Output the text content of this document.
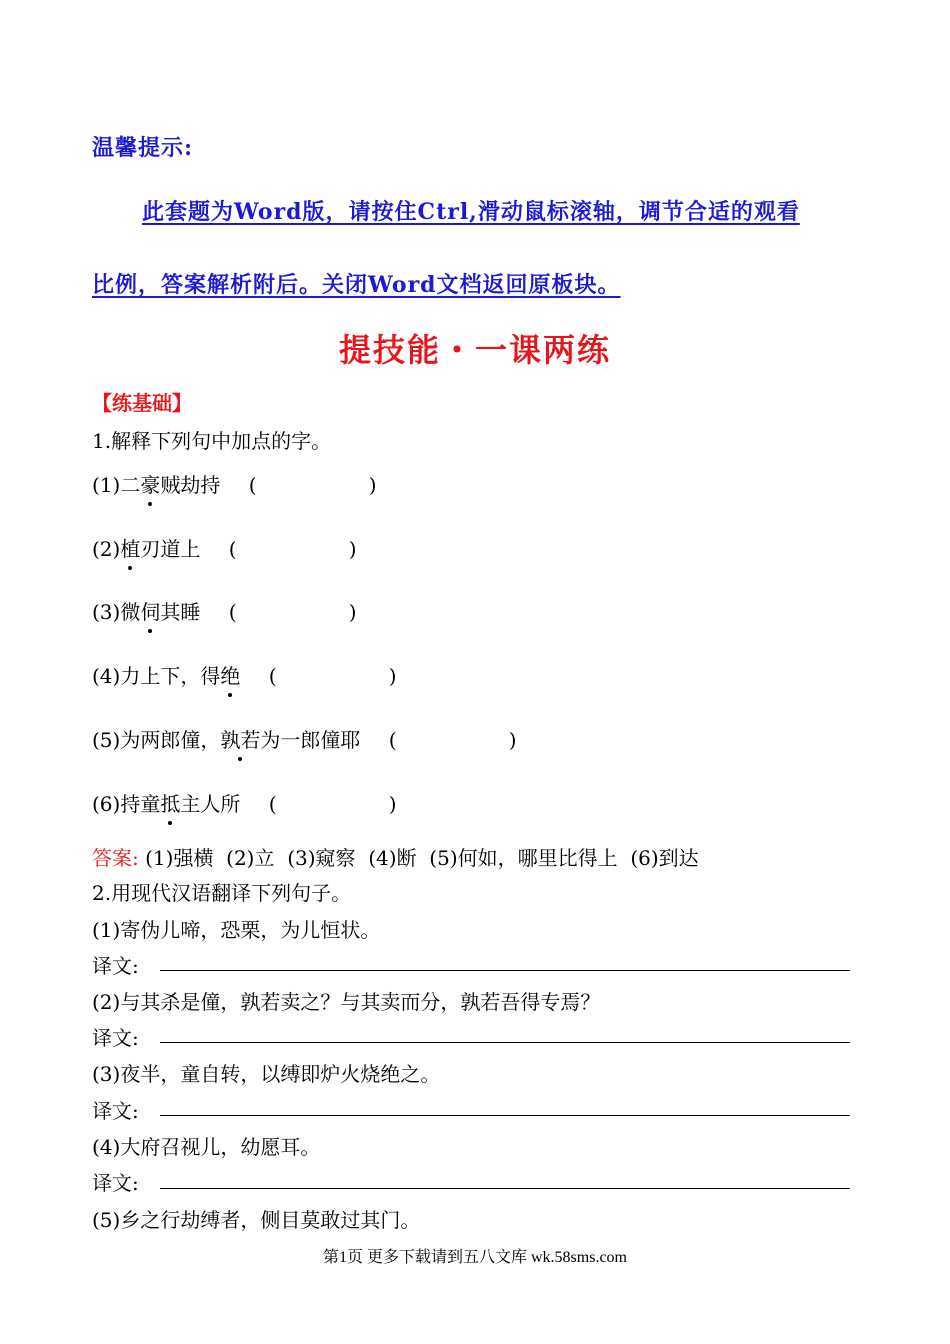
温馨提示:
此套题为Word版，请按住Ctrl,滑动鼠标滚轴，调节合适的观看
比例，答案解析附后。关闭Word文档返回原板块。
提技能・一课两练
【练基础】
1.解释下列句中加点的字。
(1)二豪贼劫持 (	)
(2)植刃道上 (	)
(3)微伺其睡 (	)
(4)力上下，得绝 (	)
(5)为两郎僮，孰若为一郎僮耶 (	)
(6)持童抵主人所 (	)
答案: (1)强横  (2)立  (3)窥察  (4)断  (5)何如，哪里比得上  (6)到达
2.用现代汉语翻译下列句子。
(1)寄伪儿啼，恐栗，为儿恒状。
译文:
(2)与其杀是僮，孰若卖之？与其卖而分，孰若吾得专焉？
译文:
(3)夜半，童自转，以缚即炉火烧绝之。
译文:
(4)大府召视儿，幼愿耳。
译文:
(5)乡之行劫缚者，侧目莫敢过其门。
第1页 更多下载请到五八文库 wk.58sms.com
